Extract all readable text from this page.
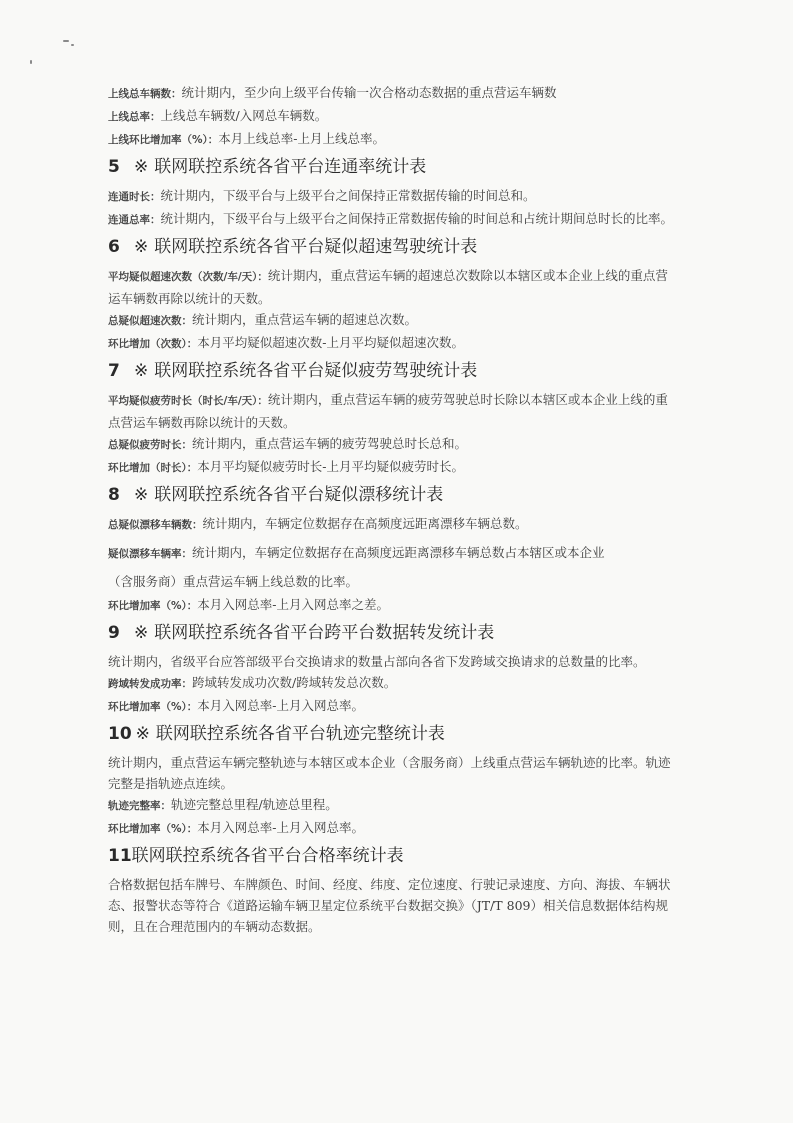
上线总车辆数：统计期内，至少向上级平台传输一次合格动态数据的重点营运车辆数
上线总率：上线总车辆数/入网总车辆数。
上线环比增加率（%）：本月上线总率-上月上线总率。
5 ※ 联网联控系统各省平台连通率统计表
连通时长：统计期内，下级平台与上级平台之间保持正常数据传输的时间总和。
连通总率：统计期内，下级平台与上级平台之间保持正常数据传输的时间总和占统计期间总时长的比率。
6 ※ 联网联控系统各省平台疑似超速驾驶统计表
平均疑似超速次数（次数/车/天）：统计期内，重点营运车辆的超速总次数除以本辖区或本企业上线的重点营运车辆数再除以统计的天数。
总疑似超速次数：统计期内，重点营运车辆的超速总次数。
环比增加（次数）：本月平均疑似超速次数-上月平均疑似超速次数。
7 ※ 联网联控系统各省平台疑似疲劳驾驶统计表
平均疑似疲劳时长（时长/车/天）：统计期内，重点营运车辆的疲劳驾驶总时长除以本辖区或本企业上线的重点营运车辆数再除以统计的天数。
总疑似疲劳时长：统计期内，重点营运车辆的疲劳驾驶总时长总和。
环比增加（时长）：本月平均疑似疲劳时长-上月平均疑似疲劳时长。
8 ※ 联网联控系统各省平台疑似漂移统计表
总疑似漂移车辆数：统计期内，车辆定位数据存在高频度远距离漂移车辆总数。
疑似漂移车辆率：统计期内，车辆定位数据存在高频度远距离漂移车辆总数占本辖区或本企业
（含服务商）重点营运车辆上线总数的比率。
环比增加率（%）：本月入网总率-上月入网总率之差。
9 ※ 联网联控系统各省平台跨平台数据转发统计表
统计期内，省级平台应答部级平台交换请求的数量占部向各省下发跨域交换请求的总数量的比率。
跨域转发成功率：跨域转发成功次数/跨域转发总次数。
环比增加率（%）：本月入网总率-上月入网总率。
10 ※ 联网联控系统各省平台轨迹完整统计表
统计期内，重点营运车辆完整轨迹与本辖区或本企业（含服务商）上线重点营运车辆轨迹的比率。轨迹完整是指轨迹点连续。
轨迹完整率：轨迹完整总里程/轨迹总里程。
环比增加率（%）：本月入网总率-上月入网总率。
11联网联控系统各省平台合格率统计表
合格数据包括车牌号、车牌颜色、时间、经度、纬度、定位速度、行驶记录速度、方向、海拔、车辆状态、报警状态等符合《道路运输车辆卫星定位系统平台数据交换》（JT/T 809）相关信息数据体结构规则，且在合理范围内的车辆动态数据。
